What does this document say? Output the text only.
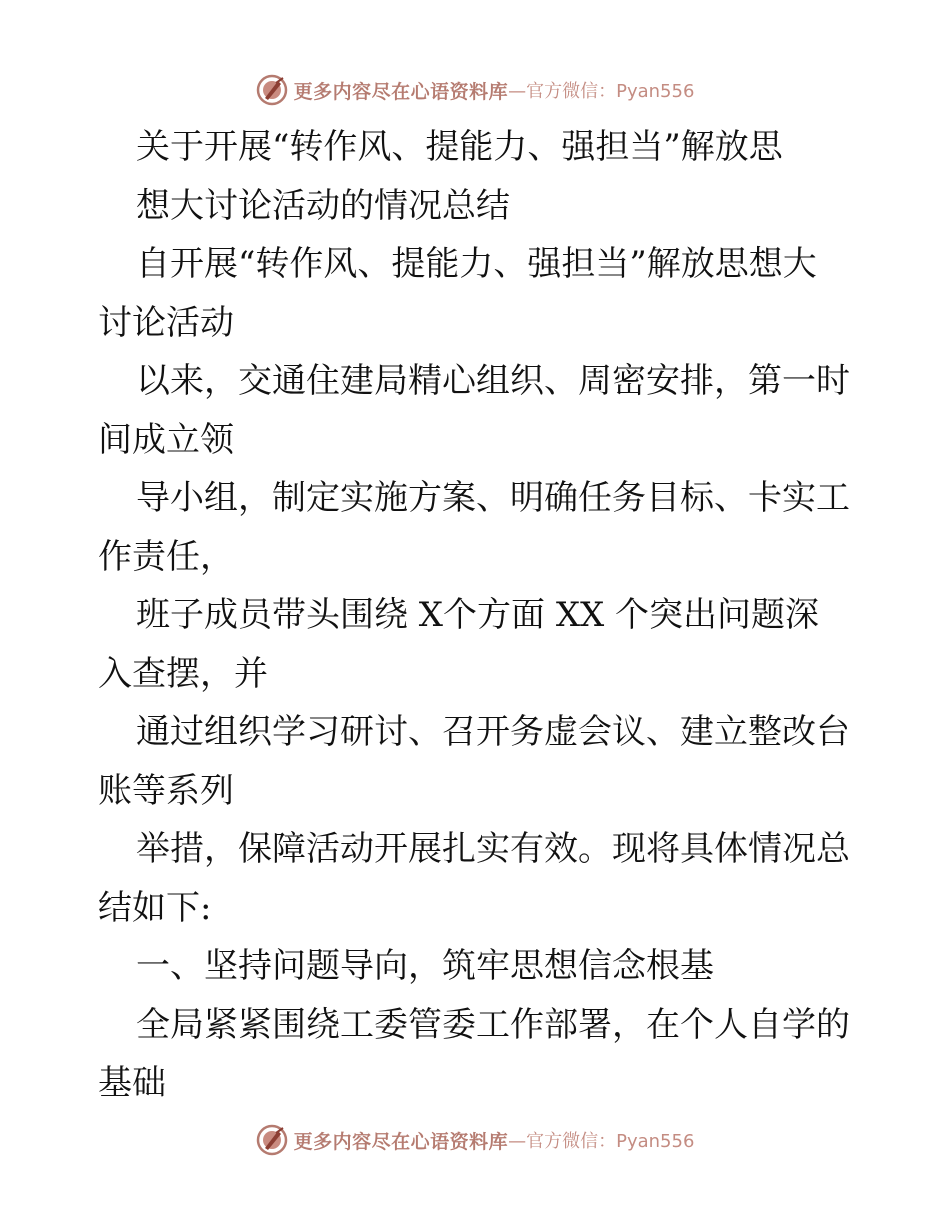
更多内容尽在心语资料库 —官方微信：Pyan556
关于开展“转作风、提能力、强担当”解放思
想大讨论活动的情况总结
自开展“转作风、提能力、强担当”解放思想大
讨论活动
以来，交通住建局精心组织、周密安排，第一时
间成立领
导小组，制定实施方案、明确任务目标、卡实工
作责任，
班子成员带头围绕 X个方面 XX 个突出问题深
入查摆，并
通过组织学习研讨、召开务虚会议、建立整改台
账等系列
举措，保障活动开展扎实有效。现将具体情况总
结如下:
一、坚持问题导向，筑牢思想信念根基
全局紧紧围绕工委管委工作部署，在个人自学的
基础
更多内容尽在心语资料库 —官方微信：Pyan556
